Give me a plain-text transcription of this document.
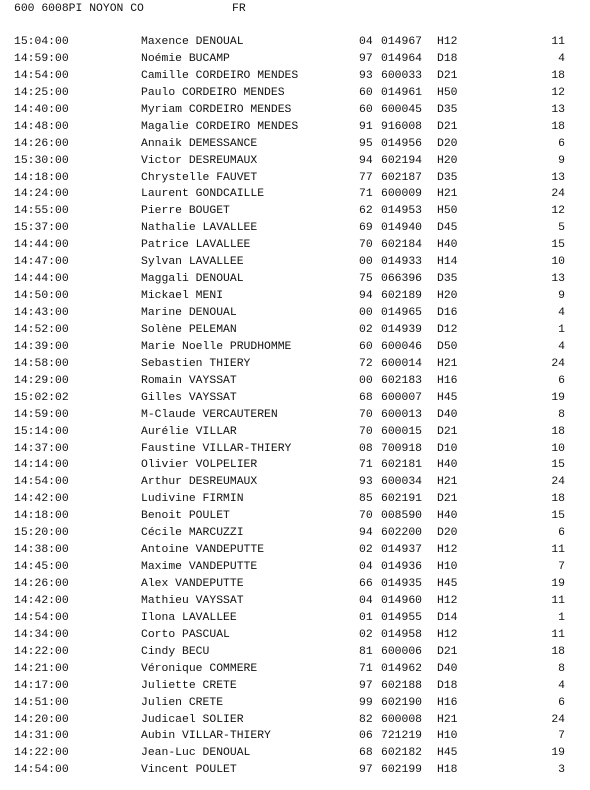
600 6008PI NOYON CO	FR
15:04:00	Maxence DENOUAL	04 014967 H12	11
14:59:00	Noémie BUCAMP	97 014964 D18	4
14:54:00	Camille CORDEIRO MENDES	93 600033 D21	18
14:25:00	Paulo CORDEIRO MENDES	60 014961 H50	12
14:40:00	Myriam CORDEIRO MENDES	60 600045 D35	13
14:48:00	Magalie CORDEIRO MENDES	91 916008 D21	18
14:26:00	Annaik DEMESSANCE	95 014956 D20	6
15:30:00	Victor DESREUMAUX	94 602194 H20	9
14:18:00	Chrystelle FAUVET	77 602187 D35	13
14:24:00	Laurent GONDCAILLE	71 600009 H21	24
14:55:00	Pierre BOUGET	62 014953 H50	12
15:37:00	Nathalie LAVALLEE	69 014940 D45	5
14:44:00	Patrice LAVALLEE	70 602184 H40	15
14:47:00	Sylvan LAVALLEE	00 014933 H14	10
14:44:00	Maggali DENOUAL	75 066396 D35	13
14:50:00	Mickael MENI	94 602189 H20	9
14:43:00	Marine DENOUAL	00 014965 D16	4
14:52:00	Solène PELEMAN	02 014939 D12	1
14:39:00	Marie Noelle PRUDHOMME	60 600046 D50	4
14:58:00	Sebastien THIERY	72 600014 H21	24
14:29:00	Romain VAYSSAT	00 602183 H16	6
15:02:02	Gilles VAYSSAT	68 600007 H45	19
14:59:00	M-Claude VERCAUTEREN	70 600013 D40	8
15:14:00	Aurélie VILLAR	70 600015 D21	18
14:37:00	Faustine VILLAR-THIERY	08 700918 D10	10
14:14:00	Olivier VOLPELIER	71 602181 H40	15
14:54:00	Arthur DESREUMAUX	93 600034 H21	24
14:42:00	Ludivine FIRMIN	85 602191 D21	18
14:18:00	Benoit POULET	70 008590 H40	15
15:20:00	Cécile MARCUZZI	94 602200 D20	6
14:38:00	Antoine VANDEPUTTE	02 014937 H12	11
14:45:00	Maxime VANDEPUTTE	04 014936 H10	7
14:26:00	Alex VANDEPUTTE	66 014935 H45	19
14:42:00	Mathieu VAYSSAT	04 014960 H12	11
14:54:00	Ilona LAVALLEE	01 014955 D14	1
14:34:00	Corto PASCUAL	02 014958 H12	11
14:22:00	Cindy BECU	81 600006 D21	18
14:21:00	Véronique COMMERE	71 014962 D40	8
14:17:00	Juliette CRETE	97 602188 D18	4
14:51:00	Julien CRETE	99 602190 H16	6
14:20:00	Judicael SOLIER	82 600008 H21	24
14:31:00	Aubin VILLAR-THIERY	06 721219 H10	7
14:22:00	Jean-Luc DENOUAL	68 602182 H45	19
14:54:00	Vincent POULET	97 602199 H18	3
